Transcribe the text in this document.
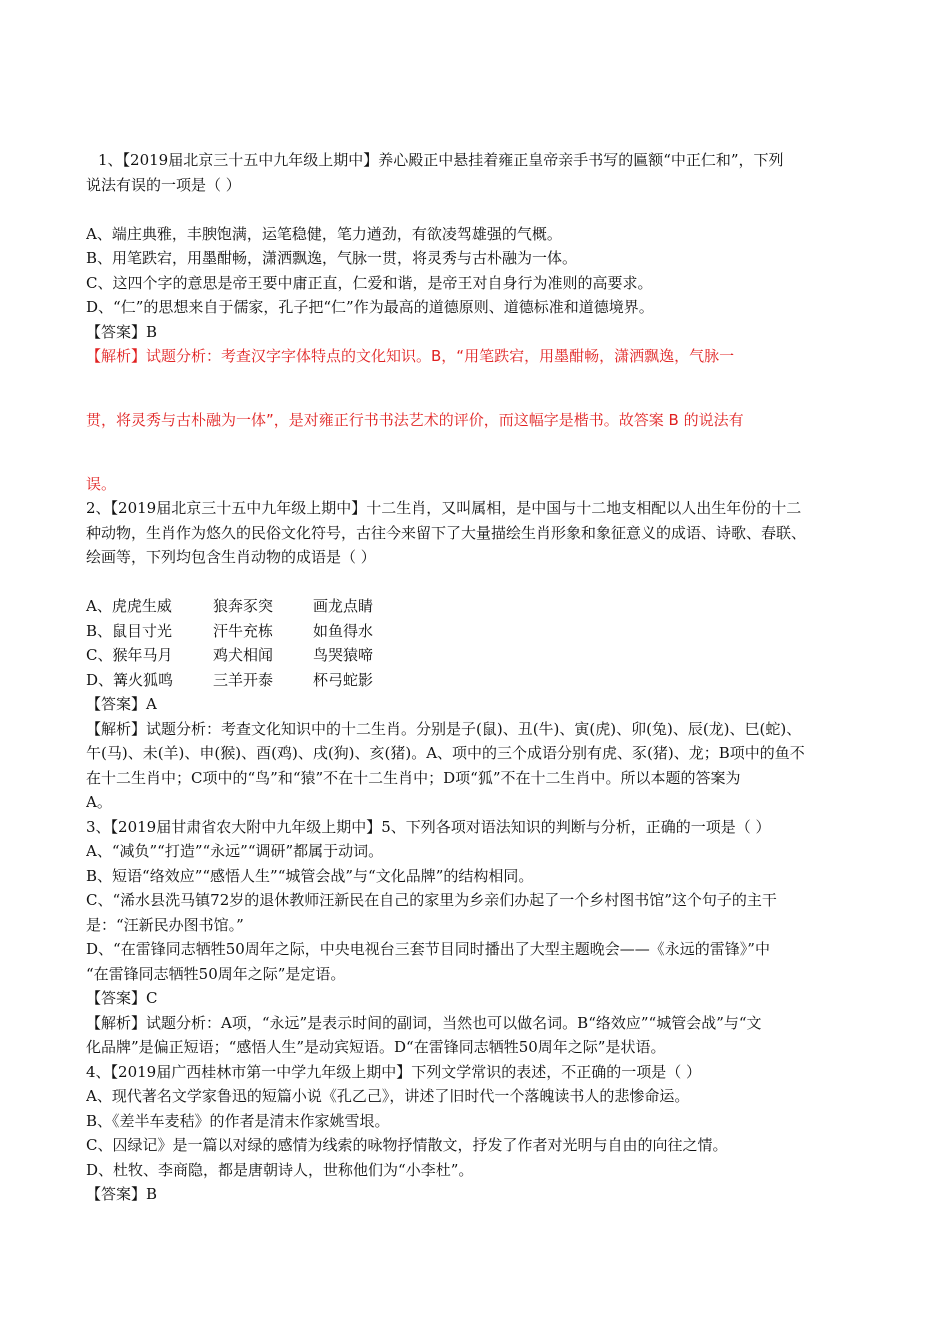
1、【2019届北京三十五中九年级上期中】养心殿正中悬挂着雍正皇帝亲手书写的匾额“中正仁和”，下列
说法有误的一项是（ ）
A、端庄典雅，丰腴饱满，运笔稳健，笔力遒劲，有欲凌驾雄强的气概。
B、用笔跌宕，用墨酣畅，潇洒飘逸，气脉一贯，将灵秀与古朴融为一体。
C、这四个字的意思是帝王要中庸正直，仁爱和谐，是帝王对自身行为准则的高要求。
D、“仁”的思想来自于儒家，孔子把“仁”作为最高的道德原则、道德标准和道德境界。
【答案】B
【解析】试题分析：考查汉字字体特点的文化知识。B，“用笔跌宕，用墨酣畅，潇洒飘逸，气脉一
贯，将灵秀与古朴融为一体”，是对雍正行书书法艺术的评价，而这幅字是楷书。故答案 B 的说法有
误。
2、【2019届北京三十五中九年级上期中】十二生肖，又叫属相，是中国与十二地支相配以人出生年份的十二
种动物，生肖作为悠久的民俗文化符号，古往今来留下了大量描绘生肖形象和象征意义的成语、诗歌、春联、
绘画等，下列均包含生肖动物的成语是（ ）
A、虎虎生威	狼奔豕突	画龙点睛
B、鼠目寸光	汗牛充栋	如鱼得水
C、猴年马月	鸡犬相闻	鸟哭猿啼
D、篝火狐鸣	三羊开泰	杯弓蛇影
【答案】A
【解析】试题分析：考查文化知识中的十二生肖。分别是子(鼠)、丑(牛)、寅(虎)、卯(兔)、辰(龙)、巳(蛇)、
午(马)、未(羊)、申(猴)、酉(鸡)、戌(狗)、亥(猪)。A、项中的三个成语分别有虎、豕(猪)、龙；B项中的鱼不
在十二生肖中；C项中的“鸟”和“猿”不在十二生肖中；D项“狐”不在十二生肖中。所以本题的答案为
A。
3、【2019届甘肃省农大附中九年级上期中】5、下列各项对语法知识的判断与分析，正确的一项是（ ）
A、“减负”“打造”“永远”“调研”都属于动词。
B、短语“络效应”“感悟人生”“城管会战”与“文化品牌”的结构相同。
C、“浠水县洗马镇72岁的退休教师汪新民在自己的家里为乡亲们办起了一个乡村图书馆”这个句子的主干
是：“汪新民办图书馆。”
D、“在雷锋同志牺牲50周年之际，中央电视台三套节目同时播出了大型主题晚会——《永远的雷锋》”中
“在雷锋同志牺牲50周年之际”是定语。
【答案】C
【解析】试题分析：A项，“永远”是表示时间的副词，当然也可以做名词。B“络效应”“城管会战”与“文
化品牌”是偏正短语；“感悟人生”是动宾短语。D“在雷锋同志牺牲50周年之际”是状语。
4、【2019届广西桂林市第一中学九年级上期中】下列文学常识的表述，不正确的一项是（ ）
A、现代著名文学家鲁迅的短篇小说《孔乙己》，讲述了旧时代一个落魄读书人的悲惨命运。
B、《差半车麦秸》的作者是清末作家姚雪垠。
C、囚绿记》是一篇以对绿的感情为线索的咏物抒情散文，抒发了作者对光明与自由的向往之情。
D、杜牧、李商隐，都是唐朝诗人，世称他们为“小李杜”。
【答案】B
